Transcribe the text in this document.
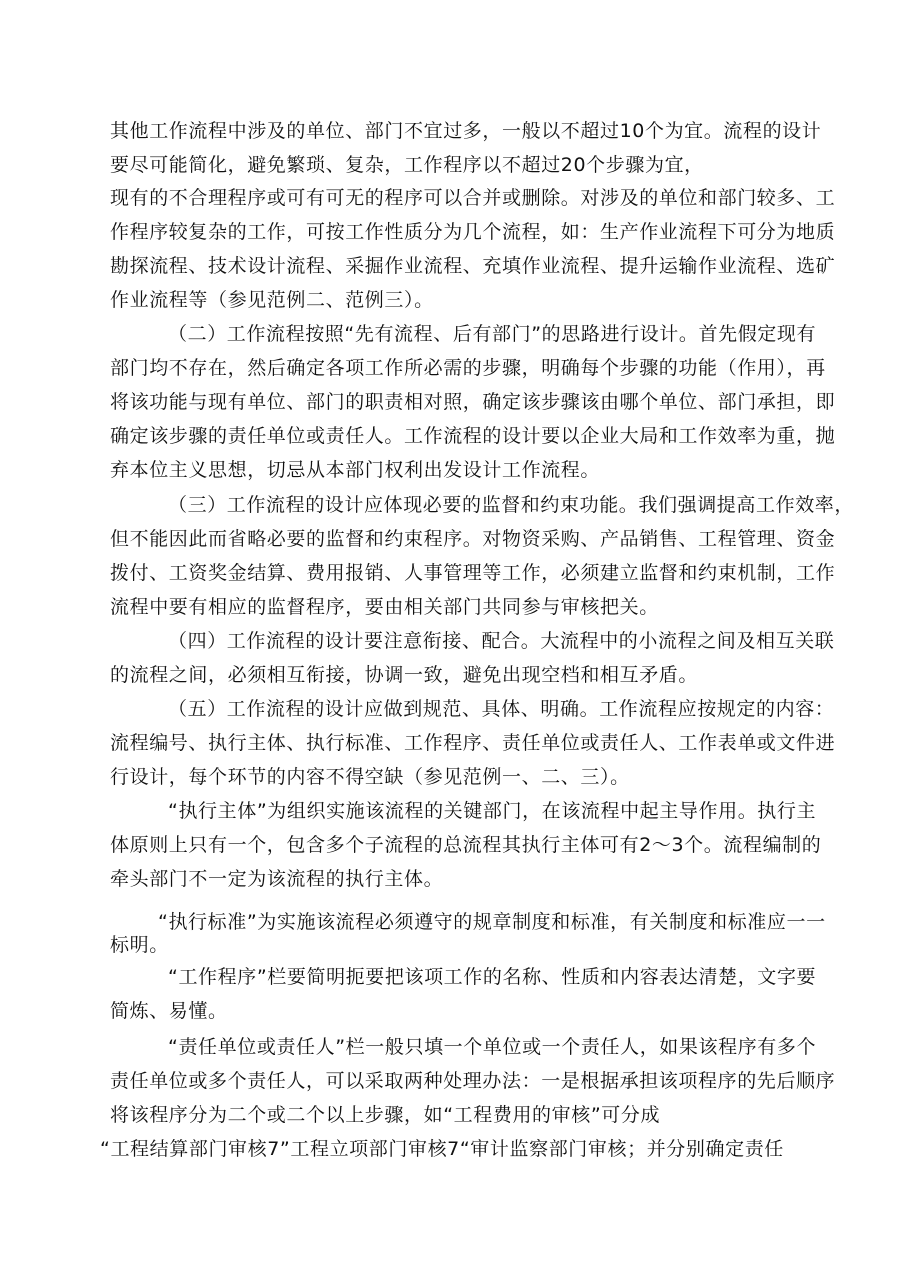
其他工作流程中涉及的单位、部门不宜过多，一般以不超过10个为宜。流程的设计
要尽可能简化，避免繁琐、复杂，工作程序以不超过20个步骤为宜，
现有的不合理程序或可有可无的程序可以合并或删除。对涉及的单位和部门较多、工
作程序较复杂的工作，可按工作性质分为几个流程，如：生产作业流程下可分为地质
勘探流程、技术设计流程、采掘作业流程、充填作业流程、提升运输作业流程、选矿
作业流程等（参见范例二、范例三）。
（二）工作流程按照“先有流程、后有部门”的思路进行设计。首先假定现有
部门均不存在，然后确定各项工作所必需的步骤，明确每个步骤的功能（作用），再
将该功能与现有单位、部门的职责相对照，确定该步骤该由哪个单位、部门承担，即
确定该步骤的责任单位或责任人。工作流程的设计要以企业大局和工作效率为重，抛
弃本位主义思想，切忌从本部门权利出发设计工作流程。
（三）工作流程的设计应体现必要的监督和约束功能。我们强调提高工作效率，
但不能因此而省略必要的监督和约束程序。对物资采购、产品销售、工程管理、资金
拨付、工资奖金结算、费用报销、人事管理等工作，必须建立监督和约束机制，工作
流程中要有相应的监督程序，要由相关部门共同参与审核把关。
（四）工作流程的设计要注意衔接、配合。大流程中的小流程之间及相互关联
的流程之间，必须相互衔接，协调一致，避免出现空档和相互矛盾。
（五）工作流程的设计应做到规范、具体、明确。工作流程应按规定的内容：
流程编号、执行主体、执行标准、工作程序、责任单位或责任人、工作表单或文件进
行设计，每个环节的内容不得空缺（参见范例一、二、三）。
“执行主体”为组织实施该流程的关键部门，在该流程中起主导作用。执行主
体原则上只有一个，包含多个子流程的总流程其执行主体可有2〜3个。流程编制的
牵头部门不一定为该流程的执行主体。
“执行标准”为实施该流程必须遵守的规章制度和标准，有关制度和标准应一一
标明。
“工作程序”栏要简明扼要把该项工作的名称、性质和内容表达清楚，文字要
简炼、易懂。
“责任单位或责任人”栏一般只填一个单位或一个责任人，如果该程序有多个
责任单位或多个责任人，可以采取两种处理办法：一是根据承担该项程序的先后顺序
将该程序分为二个或二个以上步骤，如“工程费用的审核”可分成
“工程结算部门审核7”工程立项部门审核7“审计监察部门审核；并分别确定责任
